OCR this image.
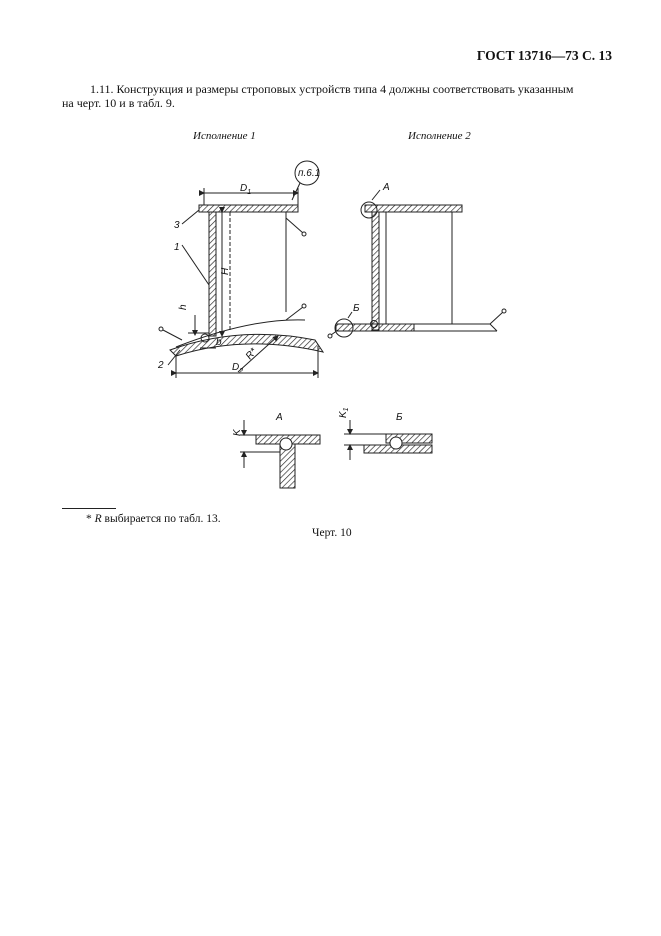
ГОСТ 13716—73 С. 13
1.11. Конструкция и размеры строповых устройств типа 4 должны соответствовать указанным
на черт. 10 и в табл. 9.
Исполнение 1	Исполнение 2
$D_1$
п.6.1
3
1
2
H
h
b
$D_2$
R*
А
Б
А
K
Б
$K_1$
* R выбирается по табл. 13.
Черт. 10
